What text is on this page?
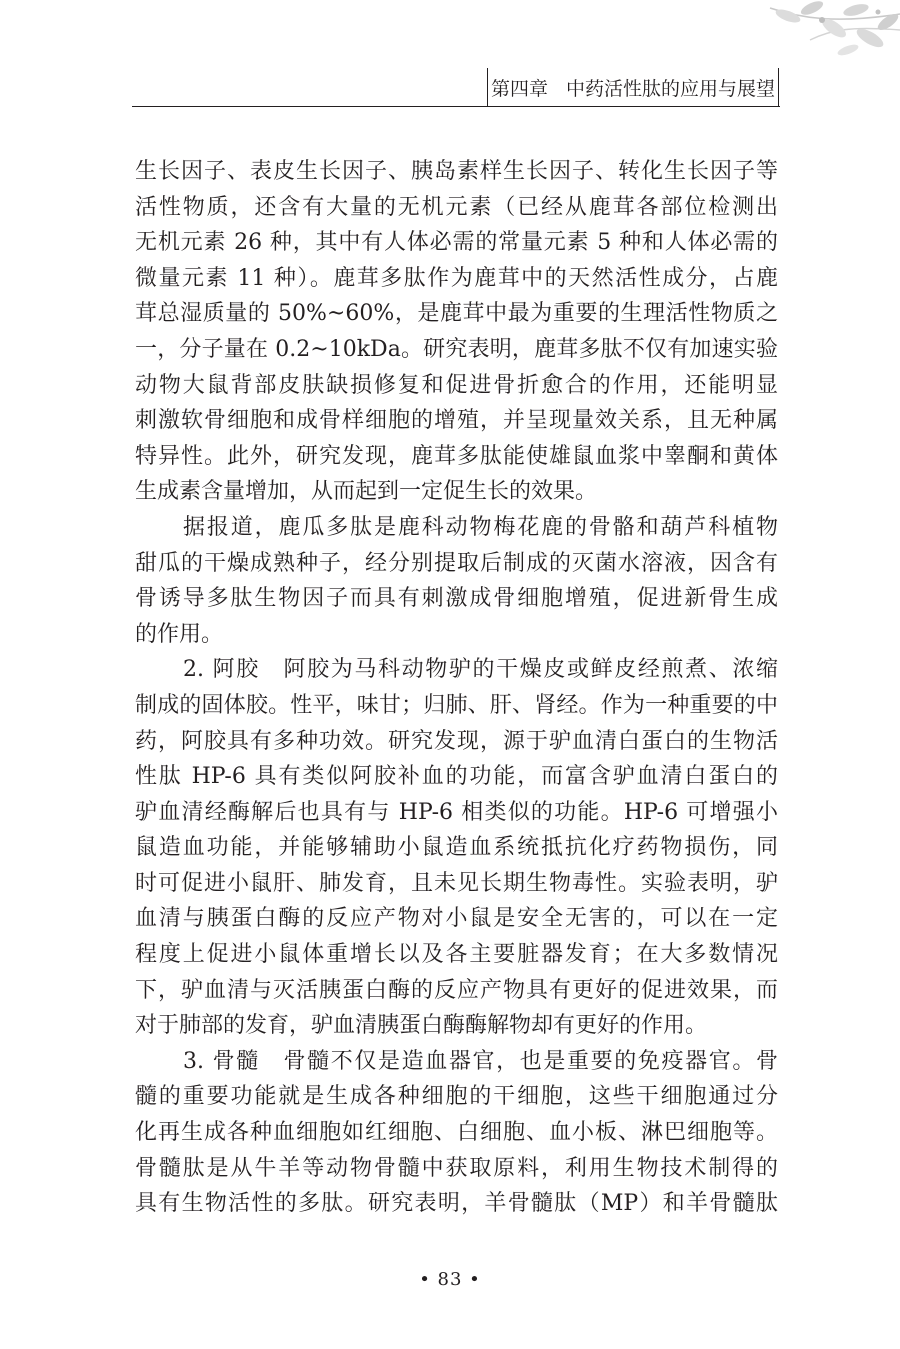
第四章 中药活性肽的应用与展望
生长因子、表皮生长因子、胰岛素样生长因子、转化生长因子等
活性物质，还含有大量的无机元素（已经从鹿茸各部位检测出
无机元素 26 种，其中有人体必需的常量元素 5 种和人体必需的
微量元素 11 种）。鹿茸多肽作为鹿茸中的天然活性成分，占鹿
茸总湿质量的 50%~60%，是鹿茸中最为重要的生理活性物质之
一，分子量在 0.2~10kDa。研究表明，鹿茸多肽不仅有加速实验
动物大鼠背部皮肤缺损修复和促进骨折愈合的作用，还能明显
刺激软骨细胞和成骨样细胞的增殖，并呈现量效关系，且无种属
特异性。此外，研究发现，鹿茸多肽能使雄鼠血浆中睾酮和黄体
生成素含量增加，从而起到一定促生长的效果。
据报道，鹿瓜多肽是鹿科动物梅花鹿的骨骼和葫芦科植物
甜瓜的干燥成熟种子，经分别提取后制成的灭菌水溶液，因含有
骨诱导多肽生物因子而具有刺激成骨细胞增殖，促进新骨生成
的作用。
2. 阿胶　阿胶为马科动物驴的干燥皮或鲜皮经煎煮、浓缩
制成的固体胶。性平，味甘；归肺、肝、肾经。作为一种重要的中
药，阿胶具有多种功效。研究发现，源于驴血清白蛋白的生物活
性肽 HP-6 具有类似阿胶补血的功能，而富含驴血清白蛋白的
驴血清经酶解后也具有与 HP-6 相类似的功能。HP-6 可增强小
鼠造血功能，并能够辅助小鼠造血系统抵抗化疗药物损伤，同
时可促进小鼠肝、肺发育，且未见长期生物毒性。实验表明，驴
血清与胰蛋白酶的反应产物对小鼠是安全无害的，可以在一定
程度上促进小鼠体重增长以及各主要脏器发育；在大多数情况
下，驴血清与灭活胰蛋白酶的反应产物具有更好的促进效果，而
对于肺部的发育，驴血清胰蛋白酶酶解物却有更好的作用。
3. 骨髓　骨髓不仅是造血器官，也是重要的免疫器官。骨
髓的重要功能就是生成各种细胞的干细胞，这些干细胞通过分
化再生成各种血细胞如红细胞、白细胞、血小板、淋巴细胞等。
骨髓肽是从牛羊等动物骨髓中获取原料，利用生物技术制得的
具有生物活性的多肽。研究表明，羊骨髓肽（MP）和羊骨髓肽
• 83 •
